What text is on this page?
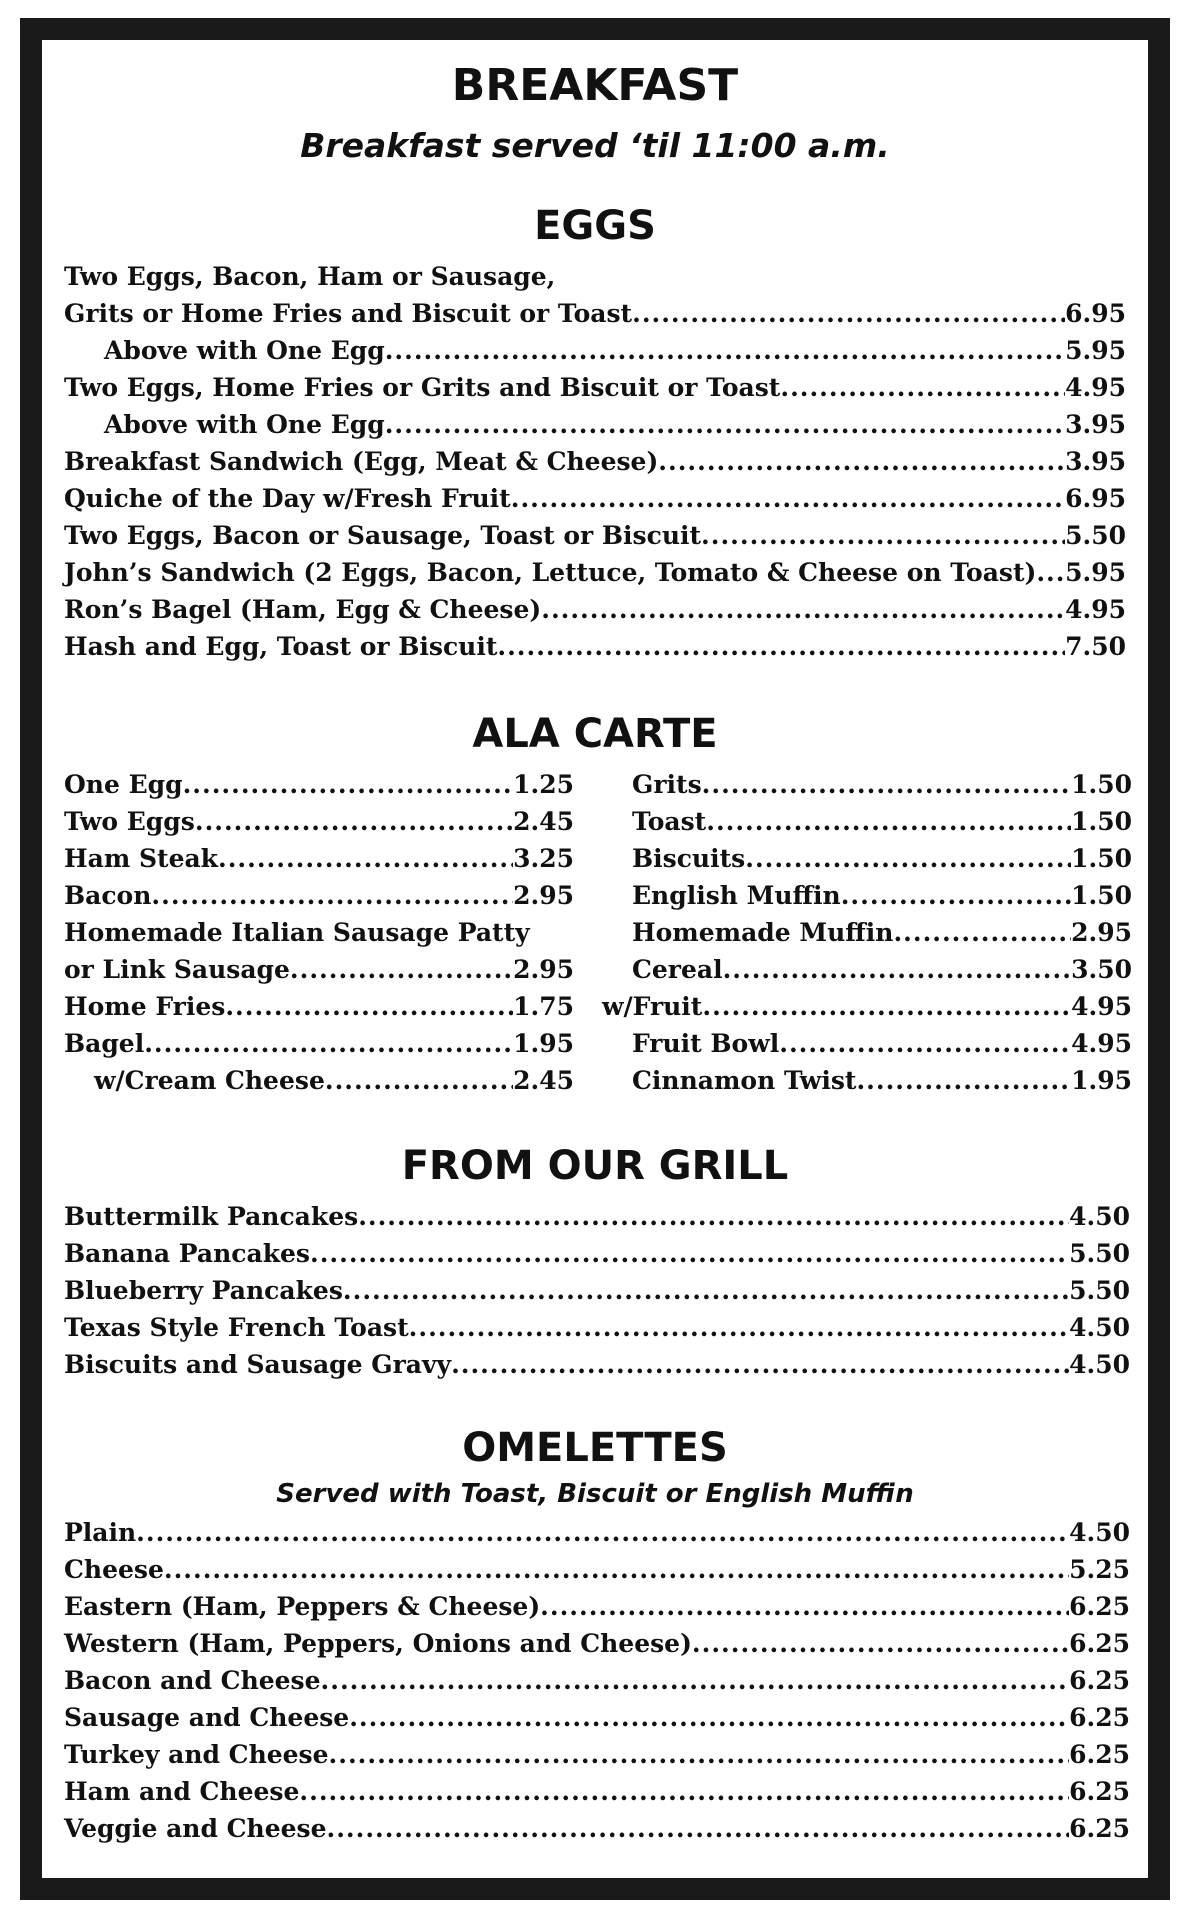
BREAKFAST
Breakfast served ‘til 11:00 a.m.
EGGS
Two Eggs, Bacon, Ham or Sausage,
Grits or Home Fries and Biscuit or Toast .....	6.95
Above with One Egg .....	5.95
Two Eggs, Home Fries or Grits and Biscuit or Toast .....	4.95
Above with One Egg .....	3.95
Breakfast Sandwich (Egg, Meat & Cheese) .....	3.95
Quiche of the Day w/Fresh Fruit .....	6.95
Two Eggs, Bacon or Sausage, Toast or Biscuit .....	5.50
John’s Sandwich (2 Eggs, Bacon, Lettuce, Tomato & Cheese on Toast) ..... 5.95
Ron’s Bagel (Ham, Egg & Cheese) .....	4.95
Hash and Egg, Toast or Biscuit .....	7.50
ALA CARTE
One Egg .....	1.25
Two Eggs .....	2.45
Ham Steak .....	3.25
Bacon .....	2.95
Homemade Italian Sausage Patty
or Link Sausage .....	2.95
Home Fries .....	1.75
Bagel .....	1.95
w/Cream Cheese .....	2.45
Grits .....	1.50
Toast .....	1.50
Biscuits .....	1.50
English Muffin .....	1.50
Homemade Muffin .....	2.95
Cereal .....	3.50
w/Fruit .....	4.95
Fruit Bowl .....	4.95
Cinnamon Twist .....	1.95
FROM OUR GRILL
Buttermilk Pancakes .....	4.50
Banana Pancakes .....	5.50
Blueberry Pancakes .....	5.50
Texas Style French Toast .....	4.50
Biscuits and Sausage Gravy .....	4.50
OMELETTES
Served with Toast, Biscuit or English Muffin
Plain .....	4.50
Cheese .....	5.25
Eastern (Ham, Peppers & Cheese) .....	6.25
Western (Ham, Peppers, Onions and Cheese) .....	6.25
Bacon and Cheese .....	6.25
Sausage and Cheese .....	6.25
Turkey and Cheese .....	6.25
Ham and Cheese .....	6.25
Veggie and Cheese .....	6.25
